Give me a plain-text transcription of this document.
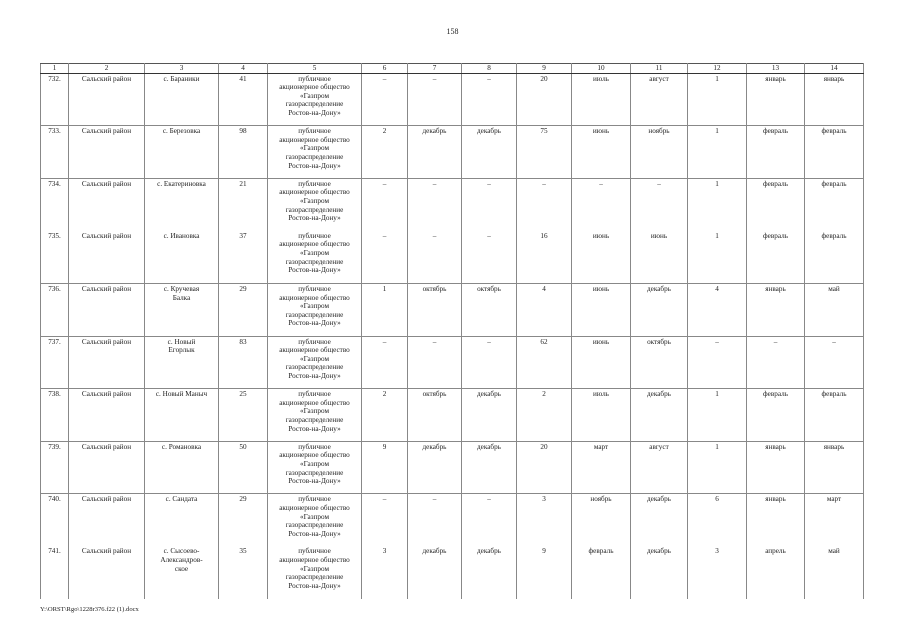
158
1	2	3	4	5	6	7	8	9	10	11	12	13	14
732.	Сальский район	с. Бараники	41	публичное
акционерное общество
«Газпром
газораспределение
Ростов-на-Дону»	–	–	–	20	июль	август	1	январь	январь
733.	Сальский район	с. Березовка	98	публичное
акционерное общество
«Газпром
газораспределение
Ростов-на-Дону»	2	декабрь	декабрь	75	июнь	ноябрь	1	февраль	февраль
734.	Сальский район	с. Екатериновка	21	публичное
акционерное общество
«Газпром
газораспределение
Ростов-на-Дону»	–	–	–	–	–	–	1	февраль	февраль
735.	Сальский район	с. Ивановка	37	публичное
акционерное общество
«Газпром
газораспределение
Ростов-на-Дону»	–	–	–	16	июнь	июнь	1	февраль	февраль
736.	Сальский район	с. Кручевая
Балка	29	публичное
акционерное общество
«Газпром
газораспределение
Ростов-на-Дону»	1	октябрь	октябрь	4	июнь	декабрь	4	январь	май
737.	Сальский район	с. Новый
Егорлык	83	публичное
акционерное общество
«Газпром
газораспределение
Ростов-на-Дону»	–	–	–	62	июнь	октябрь	–	–	–
738.	Сальский район	с. Новый Маныч	25	публичное
акционерное общество
«Газпром
газораспределение
Ростов-на-Дону»	2	октябрь	декабрь	2	июль	декабрь	1	февраль	февраль
739.	Сальский район	с. Романовка	50	публичное
акционерное общество
«Газпром
газораспределение
Ростов-на-Дону»	9	декабрь	декабрь	20	март	август	1	январь	январь
740.	Сальский район	с. Сандата	29	публичное
акционерное общество
«Газпром
газораспределение
Ростов-на-Дону»	–	–	–	3	ноябрь	декабрь	6	январь	март
741.	Сальский район	с. Сысоево-
Александров-
ское	35	публичное
акционерное общество
«Газпром
газораспределение
Ростов-на-Дону»	3	декабрь	декабрь	9	февраль	декабрь	3	апрель	май
Y:\ORST\Rgo\1228r376.f22 (1).docx
